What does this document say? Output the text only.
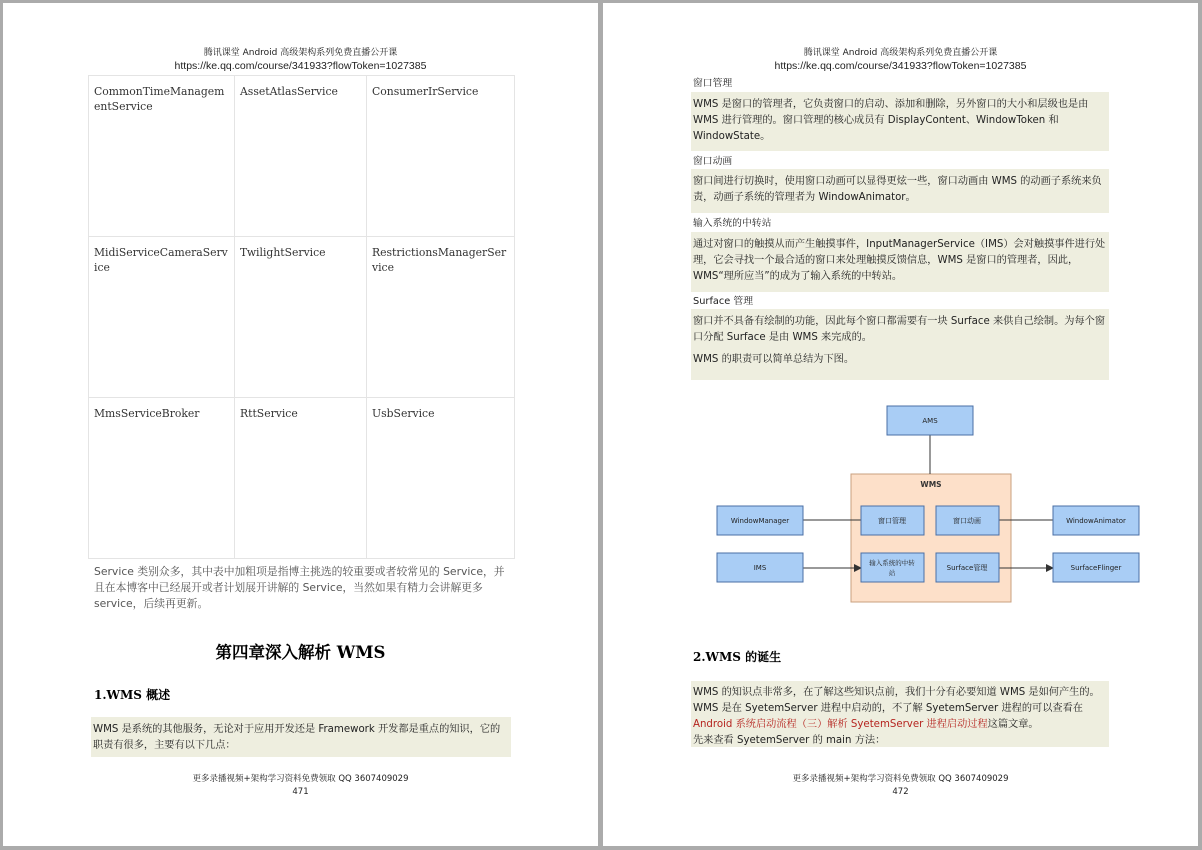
腾讯课堂 Android 高级架构系列免费直播公开课
https://ke.qq.com/course/341933?flowToken=1027385
CommonTimeManagementService	AssetAtlasService	ConsumerIrService
MidiServiceCameraService	TwilightService	RestrictionsManagerService
MmsServiceBroker	RttService	UsbService
Service 类别众多，其中表中加粗项是指博主挑选的较重要或者较常见的 Service，并且在本博客中已经展开或者计划展开讲解的 Service，当然如果有精力会讲解更多 service，后续再更新。
第四章深入解析 WMS
1.WMS 概述
WMS 是系统的其他服务，无论对于应用开发还是 Framework 开发都是重点的知识，它的职责有很多，主要有以下几点：
更多录播视频+架构学习资料免费领取 QQ 3607409029
471
腾讯课堂 Android 高级架构系列免费直播公开课
https://ke.qq.com/course/341933?flowToken=1027385
窗口管理
WMS 是窗口的管理者，它负责窗口的启动、添加和删除，另外窗口的大小和层级也是由 WMS 进行管理的。窗口管理的核心成员有 DisplayContent、WindowToken 和 WindowState。
窗口动画
窗口间进行切换时，使用窗口动画可以显得更炫一些，窗口动画由 WMS 的动画子系统来负责，动画子系统的管理者为 WindowAnimator。
输入系统的中转站
通过对窗口的触摸从而产生触摸事件，InputManagerService（IMS）会对触摸事件进行处理，它会寻找一个最合适的窗口来处理触摸反馈信息，WMS 是窗口的管理者，因此，WMS“理所应当”的成为了输入系统的中转站。
Surface 管理
窗口并不具备有绘制的功能，因此每个窗口都需要有一块 Surface 来供自己绘制。为每个窗口分配 Surface 是由 WMS 来完成的。
WMS 的职责可以简单总结为下图。
WMS
AMS
WindowManager
IMS
窗口管理	窗口动画
输入系统的中转
站
Surface管理
WindowAnimator
SurfaceFlinger
2.WMS 的诞生
WMS 的知识点非常多，在了解这些知识点前，我们十分有必要知道 WMS 是如何产生的。
WMS 是在 SyetemServer 进程中启动的，不了解 SyetemServer 进程的可以查看在
Android 系统启动流程（三）解析 SyetemServer 进程启动过程这篇文章。
先来查看 SyetemServer 的 main 方法：
更多录播视频+架构学习资料免费领取 QQ 3607409029
472
